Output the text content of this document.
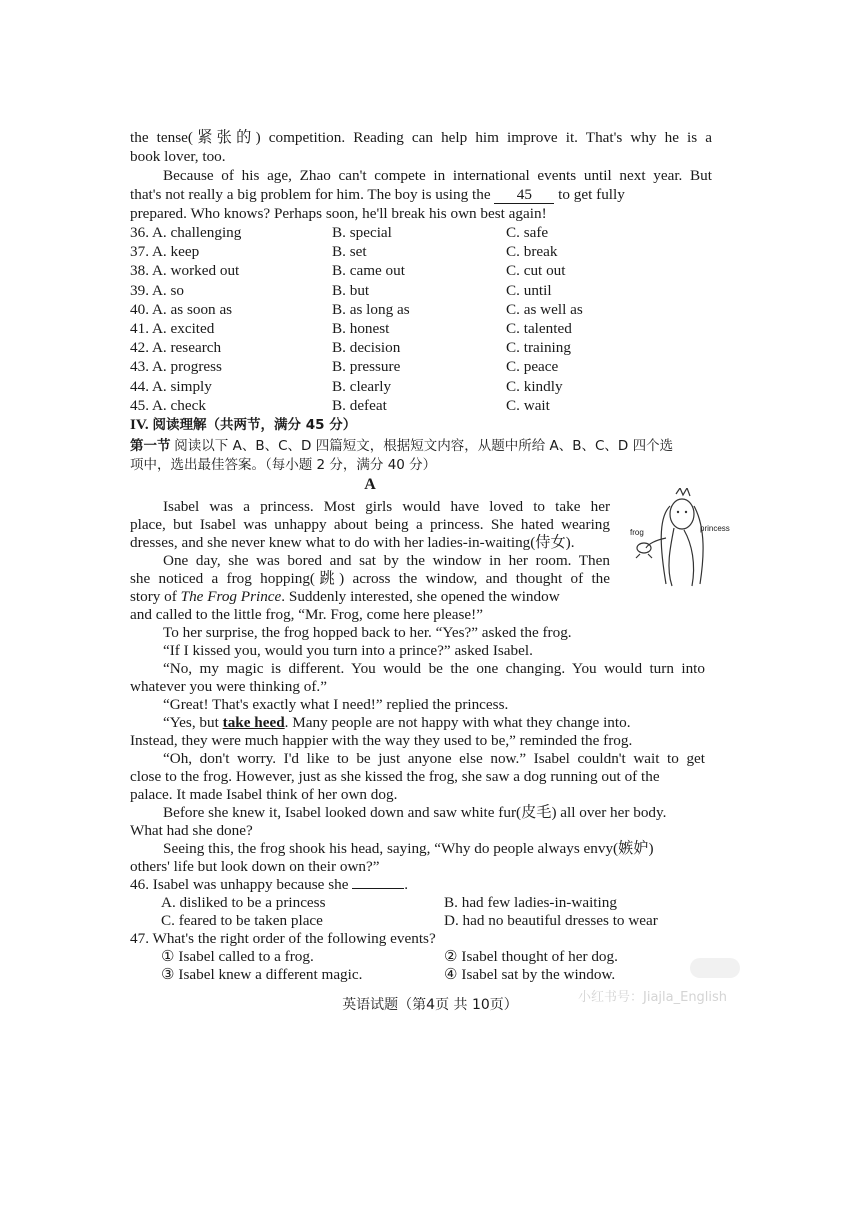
the tense(紧张的) competition. Reading can help him improve it. That's why he is a
book lover, too.
Because of his age, Zhao can't compete in international events until next year. But
that's not really a big problem for him. The boy is using the 45 to get fully
prepared. Who knows? Perhaps soon, he'll break his own best again!
36. A. challenging	B. special	C. safe
37. A. keep	B. set	C. break
38. A. worked out	B. came out	C. cut out
39. A. so	B. but	C. until
40. A. as soon as	B. as long as	C. as well as
41. A. excited	B. honest	C. talented
42. A. research	B. decision	C. training
43. A. progress	B. pressure	C. peace
44. A. simply	B. clearly	C. kindly
45. A. check	B. defeat	C. wait
IV. 阅读理解（共两节，满分 45 分）
第一节 阅读以下 A、B、C、D 四篇短文，根据短文内容，从题中所给 A、B、C、D 四个选
项中，选出最佳答案。（每小题 2 分，满分 40 分）
A
frog	princess
Isabel was a princess. Most girls would have loved to take her
place, but Isabel was unhappy about being a princess. She hated wearing
dresses, and she never knew what to do with her ladies-in-waiting(侍女).
One day, she was bored and sat by the window in her room. Then
she noticed a frog hopping(跳) across the window, and thought of the
story of The Frog Prince. Suddenly interested, she opened the window
and called to the little frog, “Mr. Frog, come here please!”
To her surprise, the frog hopped back to her. “Yes?” asked the frog.
“If I kissed you, would you turn into a prince?” asked Isabel.
“No, my magic is different. You would be the one changing. You would turn into
whatever you were thinking of.”
“Great! That's exactly what I need!” replied the princess.
“Yes, but take heed. Many people are not happy with what they change into.
Instead, they were much happier with the way they used to be,” reminded the frog.
“Oh, don't worry. I'd like to be just anyone else now.” Isabel couldn't wait to get
close to the frog. However, just as she kissed the frog, she saw a dog running out of the
palace. It made Isabel think of her own dog.
Before she knew it, Isabel looked down and saw white fur(皮毛) all over her body.
What had she done?
Seeing this, the frog shook his head, saying, “Why do people always envy(嫉妒)
others' life but look down on their own?”
46. Isabel was unhappy because she	.
A. disliked to be a princess	B. had few ladies-in-waiting
C. feared to be taken place	D. had no beautiful dresses to wear
47. What's the right order of the following events?
① Isabel called to a frog.	② Isabel thought of her dog.
③ Isabel knew a different magic.	④ Isabel sat by the window.
小红书号：Jiajla_English
英语试题（第4页 共 10页）
